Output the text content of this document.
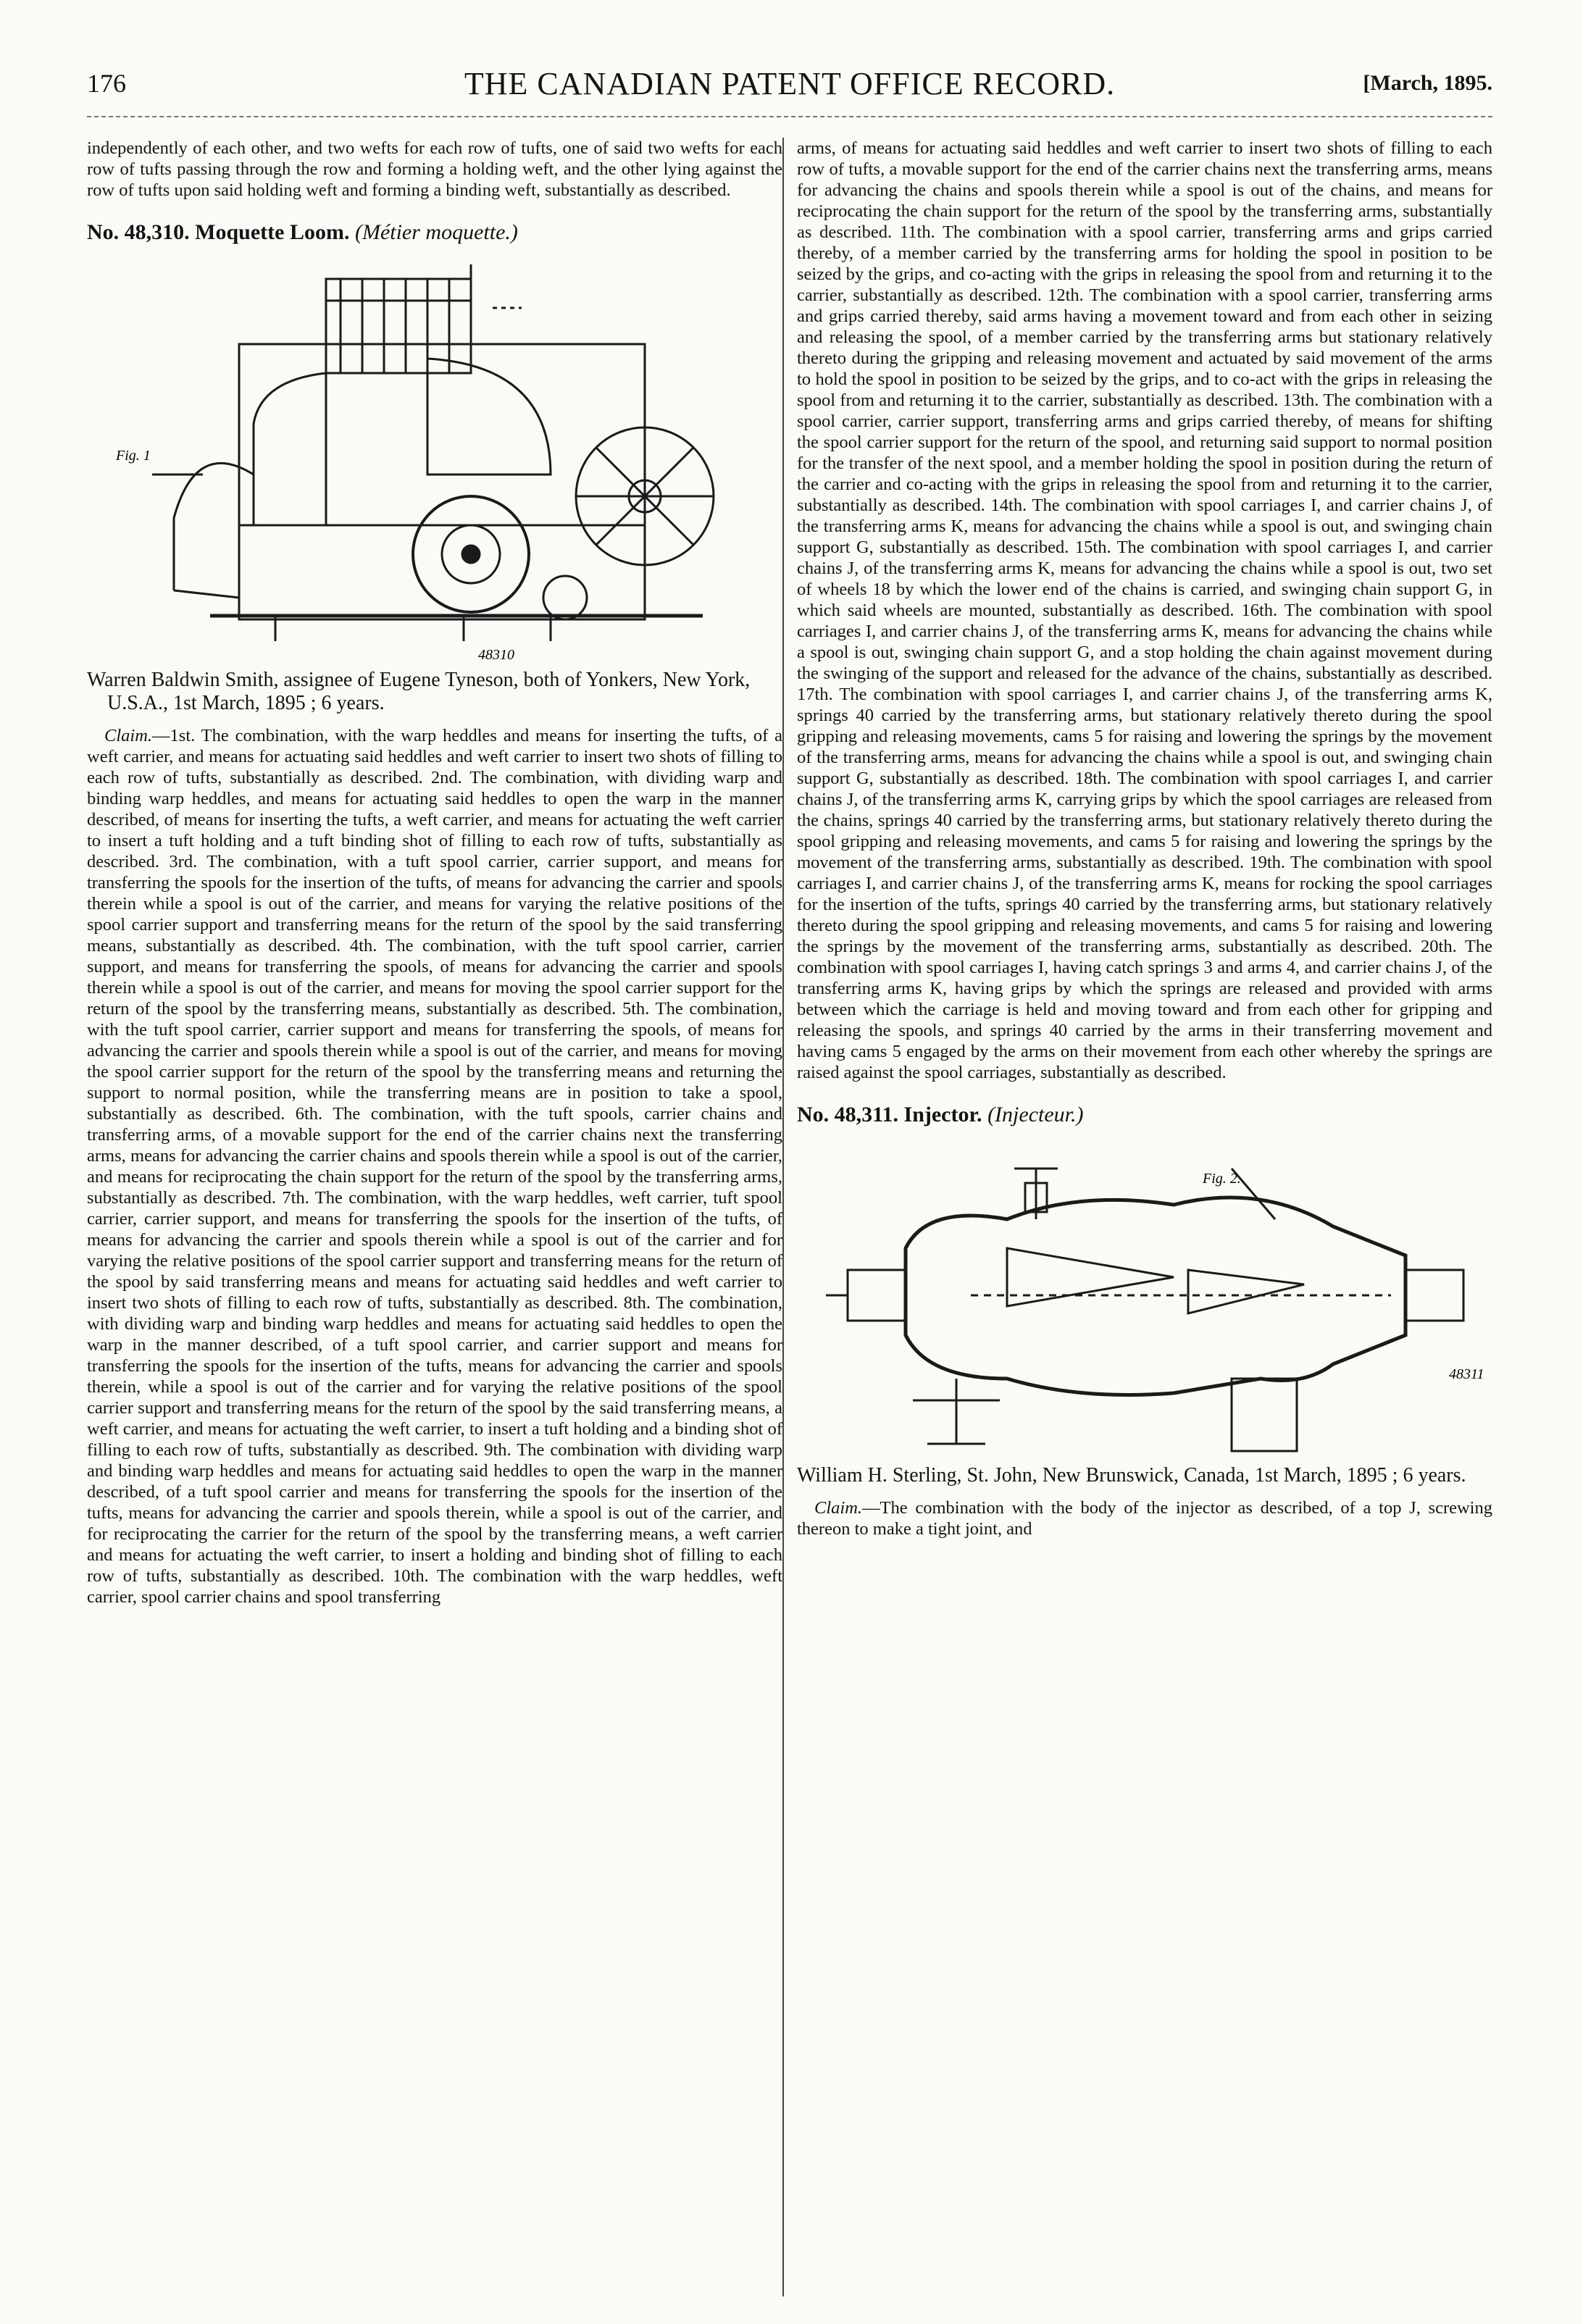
176	THE CANADIAN PATENT OFFICE RECORD.	[March, 1895.

independently of each other, and two wefts for each row of tufts, one of said two wefts for each row of tufts passing through the row and forming a holding weft, and the other lying against the row of tufts upon said holding weft and forming a binding weft, substantially as described.

No. 48,310. Moquette Loom. (Métier moquette.)
Fig. 1
48310

Warren Baldwin Smith, assignee of Eugene Tyneson, both of Yonkers, New York, U.S.A., 1st March, 1895 ; 6 years.

Claim.—1st. The combination, with the warp heddles and means for inserting the tufts, of a weft carrier, and means for actuating said heddles and weft carrier to insert two shots of filling to each row of tufts, substantially as described. 2nd. The combination, with dividing warp and binding warp heddles, and means for actuating said heddles to open the warp in the manner described, of means for inserting the tufts, a weft carrier, and means for actuating the weft carrier to insert a tuft holding and a tuft binding shot of filling to each row of tufts, substantially as described. 3rd. The combination, with a tuft spool carrier, carrier support, and means for transferring the spools for the insertion of the tufts, of means for advancing the carrier and spools therein while a spool is out of the carrier, and means for varying the relative positions of the spool carrier support and transferring means for the return of the spool by the said transferring means, substantially as described. 4th. The combination, with the tuft spool carrier, carrier support, and means for transferring the spools, of means for advancing the carrier and spools therein while a spool is out of the carrier, and means for moving the spool carrier support for the return of the spool by the transferring means, substantially as described. 5th. The combination, with the tuft spool carrier, carrier support and means for transferring the spools, of means for advancing the carrier and spools therein while a spool is out of the carrier, and means for moving the spool carrier support for the return of the spool by the transferring means and returning the support to normal position, while the transferring means are in position to take a spool, substantially as described. 6th. The combination, with the tuft spools, carrier chains and transferring arms, of a movable support for the end of the carrier chains next the transferring arms, means for advancing the carrier chains and spools therein while a spool is out of the carrier, and means for reciprocating the chain support for the return of the spool by the transferring arms, substantially as described. 7th. The combination, with the warp heddles, weft carrier, tuft spool carrier, carrier support, and means for transferring the spools for the insertion of the tufts, of means for advancing the carrier and spools therein while a spool is out of the carrier and for varying the relative positions of the spool carrier support and transferring means for the return of the spool by said transferring means and means for actuating said heddles and weft carrier to insert two shots of filling to each row of tufts, substantially as described. 8th. The combination, with dividing warp and binding warp heddles and means for actuating said heddles to open the warp in the manner described, of a tuft spool carrier, and carrier support and means for transferring the spools for the insertion of the tufts, means for advancing the carrier and spools therein, while a spool is out of the carrier and for varying the relative positions of the spool carrier support and transferring means for the return of the spool by the said transferring means, a weft carrier, and means for actuating the weft carrier, to insert a tuft holding and a binding shot of filling to each row of tufts, substantially as described. 9th. The combination with dividing warp and binding warp heddles and means for actuating said heddles to open the warp in the manner described, of a tuft spool carrier and means for transferring the spools for the insertion of the tufts, means for advancing the carrier and spools therein, while a spool is out of the carrier, and for reciprocating the carrier for the return of the spool by the transferring means, a weft carrier and means for actuating the weft carrier, to insert a holding and binding shot of filling to each row of tufts, substantially as described. 10th. The combination with the warp heddles, weft carrier, spool carrier chains and spool transferring

arms, of means for actuating said heddles and weft carrier to insert two shots of filling to each row of tufts, a movable support for the end of the carrier chains next the transferring arms, means for advancing the chains and spools therein while a spool is out of the chains, and means for reciprocating the chain support for the return of the spool by the transferring arms, substantially as described. 11th. The combination with a spool carrier, transferring arms and grips carried thereby, of a member carried by the transferring arms for holding the spool in position to be seized by the grips, and co-acting with the grips in releasing the spool from and returning it to the carrier, substantially as described. 12th. The combination with a spool carrier, transferring arms and grips carried thereby, said arms having a movement toward and from each other in seizing and releasing the spool, of a member carried by the transferring arms but stationary relatively thereto during the gripping and releasing movement and actuated by said movement of the arms to hold the spool in position to be seized by the grips, and to co-act with the grips in releasing the spool from and returning it to the carrier, substantially as described. 13th. The combination with a spool carrier, carrier support, transferring arms and grips carried thereby, of means for shifting the spool carrier support for the return of the spool, and returning said support to normal position for the transfer of the next spool, and a member holding the spool in position during the return of the carrier and co-acting with the grips in releasing the spool from and returning it to the carrier, substantially as described. 14th. The combination with spool carriages I, and carrier chains J, of the transferring arms K, means for advancing the chains while a spool is out, and swinging chain support G, substantially as described. 15th. The combination with spool carriages I, and carrier chains J, of the transferring arms K, means for advancing the chains while a spool is out, two set of wheels 18 by which the lower end of the chains is carried, and swinging chain support G, in which said wheels are mounted, substantially as described. 16th. The combination with spool carriages I, and carrier chains J, of the transferring arms K, means for advancing the chains while a spool is out, swinging chain support G, and a stop holding the chain against movement during the swinging of the support and released for the advance of the chains, substantially as described. 17th. The combination with spool carriages I, and carrier chains J, of the transferring arms K, springs 40 carried by the transferring arms, but stationary relatively thereto during the spool gripping and releasing movements, cams 5 for raising and lowering the springs by the movement of the transferring arms, means for advancing the chains while a spool is out, and swinging chain support G, substantially as described. 18th. The combination with spool carriages I, and carrier chains J, of the transferring arms K, carrying grips by which the spool carriages are released from the chains, springs 40 carried by the transferring arms, but stationary relatively thereto during the spool gripping and releasing movements, and cams 5 for raising and lowering the springs by the movement of the transferring arms, substantially as described. 19th. The combination with spool carriages I, and carrier chains J, of the transferring arms K, means for rocking the spool carriages for the insertion of the tufts, springs 40 carried by the transferring arms, but stationary relatively thereto during the spool gripping and releasing movements, and cams 5 for raising and lowering the springs by the movement of the transferring arms, substantially as described. 20th. The combination with spool carriages I, having catch springs 3 and arms 4, and carrier chains J, of the transferring arms K, having grips by which the springs are released and provided with arms between which the carriage is held and moving toward and from each other for gripping and releasing the spools, and springs 40 carried by the arms in their transferring movement and having cams 5 engaged by the arms on their movement from each other whereby the springs are raised against the spool carriages, substantially as described.

No. 48,311. Injector. (Injecteur.)
Fig. 2.
48311

William H. Sterling, St. John, New Brunswick, Canada, 1st March, 1895 ; 6 years.

Claim.—The combination with the body of the injector as described, of a top J, screwing thereon to make a tight joint, and
